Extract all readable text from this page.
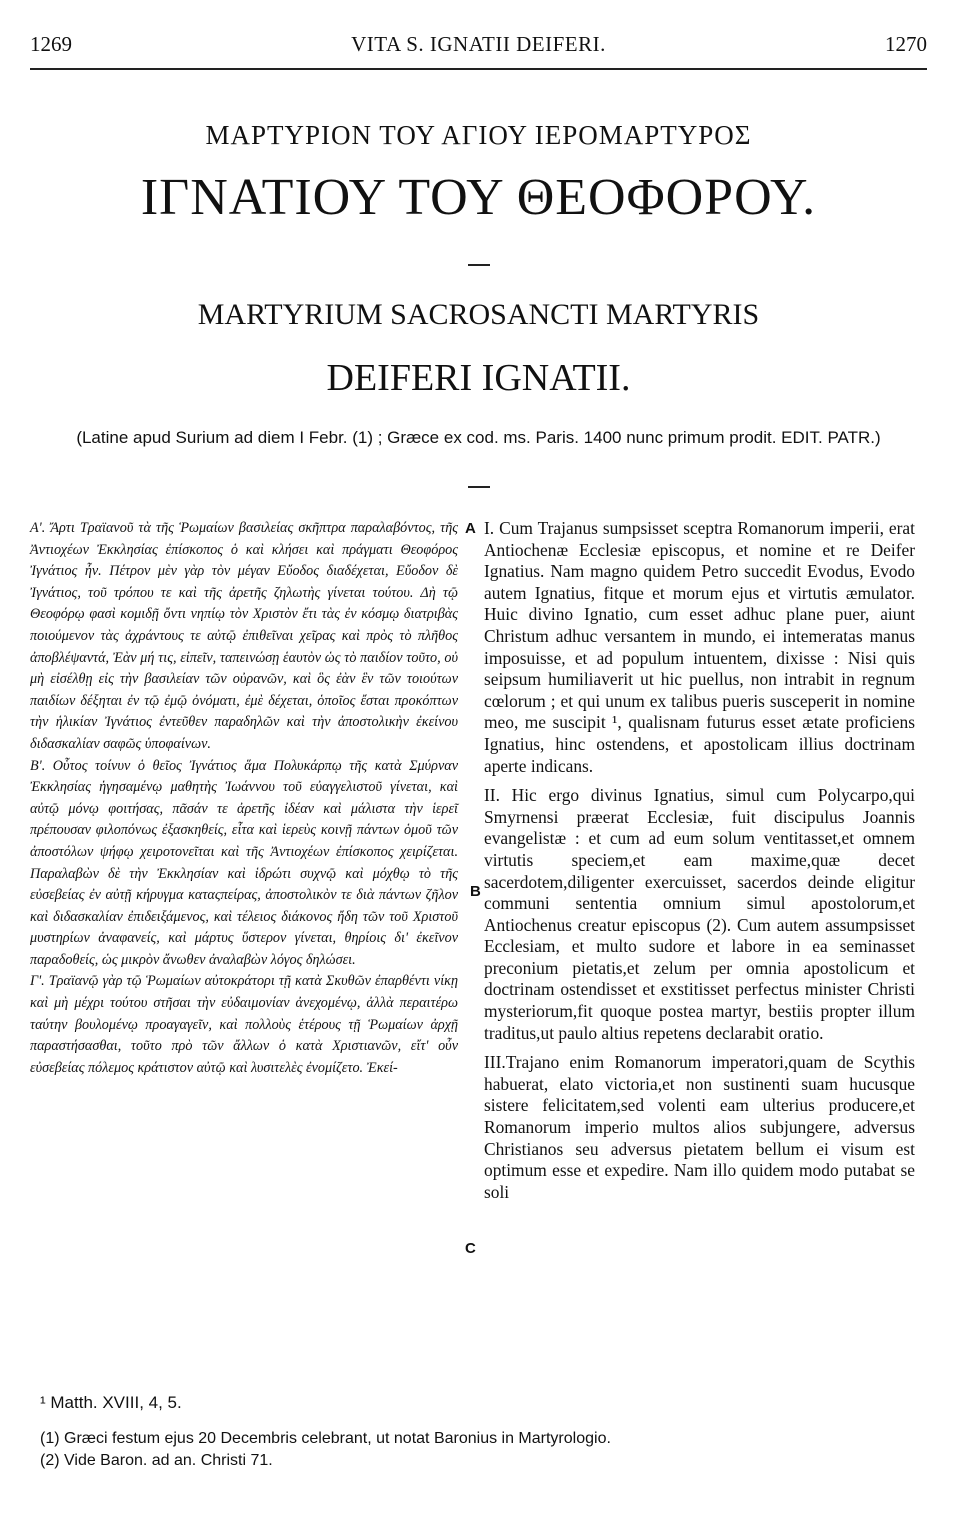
1269	VITA S. IGNATII DEIFERI.	1270
ΜΑΡΤΥΡΙΟΝ ΤΟΥ ΑΓΙΟΥ ΙΕΡΟΜΑΡΤΥΡΟΣ
ΙΓΝΑΤΙΟΥ ΤΟΥ ΘΕΟΦΟΡΟΥ.
MARTYRIUM SACROSANCTI MARTYRIS
DEIFERI IGNATII.
(Latine apud Surium ad diem I Febr. (1) ; Græce ex cod. ms. Paris. 1400 nunc primum prodit. EDIT. PATR.)

Α'. Ἄρτι Τραϊανοῦ τὰ τῆς Ῥωμαίων βασιλείας σκῆπτρα παραλαβόντος, τῆς Ἀντιοχέων Ἐκκλησίας ἐπίσκοπος ὁ καὶ κλήσει καὶ πράγματι Θεοφόρος Ἰγνάτιος ἦν. Πέτρον μὲν γὰρ τὸν μέγαν Εὔοδος διαδέχεται, Εὔοδον δὲ Ἰγνάτιος, τοῦ τρόπου τε καὶ τῆς ἀρετῆς ζηλωτὴς γίνεται τούτου. Δὴ τῷ Θεοφόρῳ φασὶ κομιδῇ ὄντι νηπίῳ τὸν Χριστὸν ἔτι τὰς ἐν κόσμῳ διατριβὰς ποιούμενον τὰς ἀχράντους τε αὐτῷ ἐπιθεῖναι χεῖρας καὶ πρὸς τὸ πλῆθος ἀποβλέψαντά, Ἐὰν μή τις, εἰπεῖν, ταπεινώσῃ ἑαυτὸν ὡς τὸ παιδίον τοῦτο, οὐ μὴ εἰσέλθῃ εἰς τὴν βασιλείαν τῶν οὐρανῶν, καὶ ὃς ἐὰν ἓν τῶν τοιούτων παιδίων δέξηται ἐν τῷ ἐμῷ ὀνόματι, ἐμὲ δέχεται, ὁποῖος ἔσται προκόπτων τὴν ἡλικίαν Ἰγνάτιος ἐντεῦθεν παραδηλῶν καὶ τὴν ἀποστολικὴν ἐκείνου διδασκαλίαν σαφῶς ὑποφαίνων.

Β'. Οὗτος τοίνυν ὁ θεῖος Ἰγνάτιος ἅμα Πολυκάρπῳ τῆς κατὰ Σμύρναν Ἐκκλησίας ἡγησαμένῳ μαθητὴς Ἰωάννου τοῦ εὐαγγελιστοῦ γίνεται, καὶ αὐτῷ μόνῳ φοιτήσας, πᾶσάν τε ἀρετῆς ἰδέαν καὶ μάλιστα τὴν ἱερεῖ πρέπουσαν φιλοπόνως ἐξασκηθείς, εἶτα καὶ ἱερεὺς κοινῇ πάντων ὁμοῦ τῶν ἀποστόλων ψήφῳ χειροτονεῖται καὶ τῆς Ἀντιοχέων ἐπίσκοπος χειρίζεται. Παραλαβὼν δὲ τὴν Ἐκκλησίαν καὶ ἱδρώτι συχνῷ καὶ μόχθῳ τὸ τῆς εὐσεβείας ἐν αὐτῇ κήρυγμα καταςπείρας, ἀποστολικὸν τε διὰ πάντων ζῆλον καὶ διδασκαλίαν ἐπιδειξάμενος, καὶ τέλειος διάκονος ἤδη τῶν τοῦ Χριστοῦ μυστηρίων ἀναφανείς, καὶ μάρτυς ὕστερον γίνεται, θηρίοις δι' ἐκεῖνον παραδοθείς, ὡς μικρὸν ἄνωθεν ἀναλαβὼν λόγος δηλώσει.

Γ'. Τραϊανῷ γὰρ τῷ Ῥωμαίων αὐτοκράτορι τῇ κατὰ Σκυθῶν ἐπαρθέντι νίκῃ καὶ μὴ μέχρι τούτου στῆσαι τὴν εὐδαιμονίαν ἀνεχομένῳ, ἀλλὰ περαιτέρω ταύτην βουλομένῳ προαγαγεῖν, καὶ πολλοὺς ἑτέρους τῇ Ῥωμαίων ἀρχῇ παραστήσασθαι, τοῦτο πρὸ τῶν ἄλλων ὁ κατὰ Χριστιανῶν, εἴτ' οὖν εὐσεβείας πόλεμος κράτιστον αὐτῷ καὶ λυσιτελὲς ἐνομίζετο. Ἐκεί-

A
B
C

I. Cum Trajanus sumpsisset sceptra Romanorum imperii, erat Antiochenæ Ecclesiæ episcopus, et nomine et re Deifer Ignatius. Nam magno quidem Petro succedit Evodus, Evodo autem Ignatius, fitque et morum ejus et virtutis æmulator. Huic divino Ignatio, cum esset adhuc plane puer, aiunt Christum adhuc versantem in mundo, ei intemeratas manus imposuisse, et ad populum intuentem, dixisse : Nisi quis seipsum humiliaverit ut hic puellus, non intrabit in regnum cœlorum ; et qui unum ex talibus pueris susceperit in nomine meo, me suscipit ¹, qualisnam futurus esset ætate proficiens Ignatius, hinc ostendens, et apostolicam illius doctrinam aperte indicans.

II. Hic ergo divinus Ignatius, simul cum Polycarpo,qui Smyrnensi præerat Ecclesiæ, fuit discipulus Joannis evangelistæ : et cum ad eum solum ventitasset,et omnem virtutis speciem,et eam maxime,quæ decet sacerdotem,diligenter exercuisset, sacerdos deinde eligitur communi sententia omnium simul apostolorum,et Antiochenus creatur episcopus (2). Cum autem assumpsisset Ecclesiam, et multo sudore et labore in ea seminasset preconium pietatis,et zelum per omnia apostolicum et doctrinam ostendisset et exstitisset perfectus minister Christi mysteriorum,fit quoque postea martyr, bestiis propter illum traditus,ut paulo altius repetens declarabit oratio.

III.Trajano enim Romanorum imperatori,quam de Scythis habuerat, elato victoria,et non sustinenti suam hucusque sistere felicitatem,sed volenti eam ulterius producere,et Romanorum imperio multos alios subjungere, adversus Christianos seu adversus pietatem bellum ei visum est optimum esse et expedire. Nam illo quidem modo putabat se soli

¹ Matth. XVIII, 4, 5.
(1) Græci festum ejus 20 Decembris celebrant, ut notat Baronius in Martyrologio.
(2) Vide Baron. ad an. Christi 71.
